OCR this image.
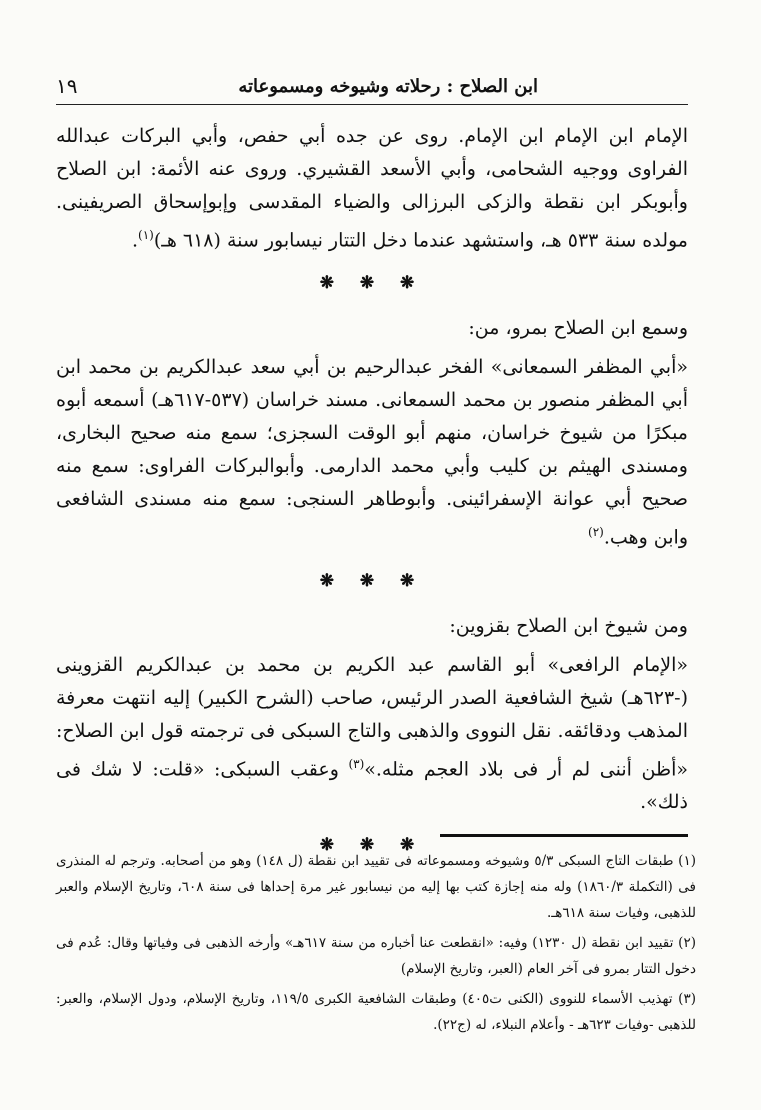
ابن الصلاح : رحلاته وشيوخه ومسموعاته
١٩

الإمام ابن الإمام ابن الإمام. روى عن جده أبي حفص، وأبي البركات عبدالله الفراوى ووجيه الشحامى، وأبي الأسعد القشيري. وروى عنه الأئمة: ابن الصلاح وأبوبكر ابن نقطة والزكى البرزالى والضياء المقدسى وإبوإسحاق الصريفينى. مولده سنة ٥٣٣ هـ، واستشهد عندما دخل التتار نيسابور سنة (٦١٨ هـ)$^{(١)}$.

❋ ❋ ❋

وسمع ابن الصلاح بمرو، من:

«أبي المظفر السمعانى» الفخر عبدالرحيم بن أبي سعد عبدالكريم بن محمد ابن أبي المظفر منصور بن محمد السمعانى. مسند خراسان (٥٣٧-٦١٧هـ) أسمعه أبوه مبكرًا من شيوخ خراسان، منهم أبو الوقت السجزى؛ سمع منه صحيح البخارى، ومسندى الهيثم بن كليب وأبي محمد الدارمى. وأبوالبركات الفراوى: سمع منه صحيح أبي عوانة الإسفرائينى. وأبوطاهر السنجى: سمع منه مسندى الشافعى وابن وهب.$^{(٢)}$

❋ ❋ ❋

ومن شيوخ ابن الصلاح بقزوين:

«الإمام الرافعى» أبو القاسم عبد الكريم بن محمد بن عبدالكريم القزوينى (-٦٢٣هـ) شيخ الشافعية الصدر الرئيس، صاحب (الشرح الكبير) إليه انتهت معرفة المذهب ودقائقه. نقل النووى والذهبى والتاج السبكى فى ترجمته قول ابن الصلاح: «أظن أننى لم أر فى بلاد العجم مثله.»$^{(٣)}$ وعقب السبكى: «قلت: لا شك فى ذلك».

❋ ❋ ❋

(١) طبقات التاج السبكى ٥/٣ وشيوخه ومسموعاته فى تقييد ابن نقطة (ل ١٤٨) وهو من أصحابه. وترجم له المنذرى فى (التكملة ١٨٦٠/٣) وله منه إجازة كتب بها إليه من نيسابور غير مرة إحداها فى سنة ٦٠٨، وتاريخ الإسلام والعبر للذهبى، وفيات سنة ٦١٨هـ.

(٢) تقييد ابن نقطة (ل ١٢٣٠) وفيه: «انقطعت عنا أخباره من سنة ٦١٧هـ» وأرخه الذهبى فى وفياتها وقال: عُدم فى دخول التتار بمرو فى آخر العام (العبر، وتاريخ الإسلام)

(٣) تهذيب الأسماء للنووى (الكنى ت٤٠٥) وطبقات الشافعية الكبرى ١١٩/٥، وتاريخ الإسلام، ودول الإسلام، والعبر: للذهبى -وفيات ٦٢٣هـ - وأعلام النبلاء، له (ج٢٢).
